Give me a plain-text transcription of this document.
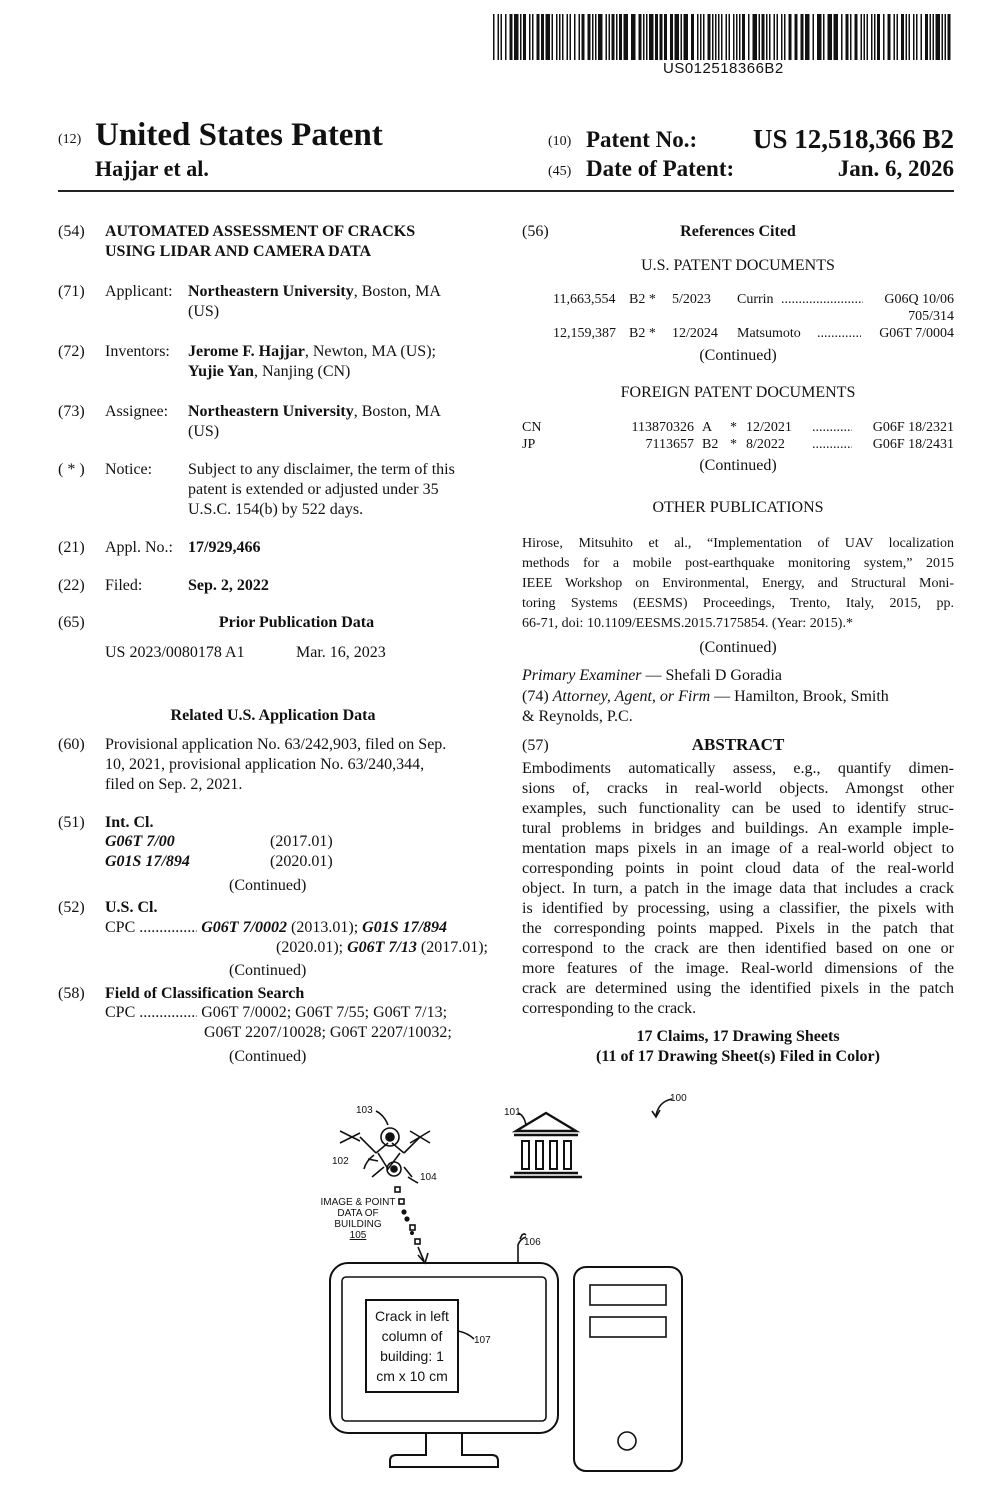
US012518366B2
(12) United States Patent
Hajjar et al.
(10) Patent No.: US 12,518,366 B2
(45) Date of Patent:	Jan. 6, 2026
(54) AUTOMATED ASSESSMENT OF CRACKS
USING LIDAR AND CAMERA DATA
(71) Applicant: Northeastern University, Boston, MA
(US)
(72) Inventors: Jerome F. Hajjar, Newton, MA (US);
Yujie Yan, Nanjing (CN)
(73) Assignee: Northeastern University, Boston, MA
(US)
( * ) Notice: Subject to any disclaimer, the term of this
patent is extended or adjusted under 35
U.S.C. 154(b) by 522 days.
(21) Appl. No.: 17/929,466
(22) Filed:	Sep. 2, 2022
(65)	Prior Publication Data
US 2023/0080178 A1	Mar. 16, 2023
Related U.S. Application Data
(60) Provisional application No. 63/242,903, filed on Sep.
10, 2021, provisional application No. 63/240,344,
filed on Sep. 2, 2021.
(51) Int. Cl.
G06T 7/00	(2017.01)
G01S 17/894	(2020.01)
(Continued)
(52) U.S. Cl.
CPC .....	G06T 7/0002 (2013.01); G01S 17/894
(2020.01); G06T 7/13 (2017.01);
(Continued)
(58) Field of Classification Search
CPC .....	G06T 7/0002; G06T 7/55; G06T 7/13;
G06T 2207/10028; G06T 2207/10032;
(Continued)
(56)	References Cited
U.S. PATENT DOCUMENTS
11,663,554 B2 * 5/2023 Currin .....	G06Q 10/06
705/314
12,159,387 B2 * 12/2024 Matsumoto .....	G06T 7/0004
(Continued)
FOREIGN PATENT DOCUMENTS
CN	113870326 A * 12/2021 .....	G06F 18/2321
JP	7113657 B2 * 8/2022 .....	G06F 18/2431
(Continued)
OTHER PUBLICATIONS
Hirose, Mitsuhito et al., “Implementation of UAV localization
methods for a mobile post-earthquake monitoring system,” 2015
IEEE Workshop on Environmental, Energy, and Structural Moni-
toring Systems (EESMS) Proceedings, Trento, Italy, 2015, pp.
66-71, doi: 10.1109/EESMS.2015.7175854. (Year: 2015).*
(Continued)
Primary Examiner — Shefali D Goradia
(74) Attorney, Agent, or Firm — Hamilton, Brook, Smith
& Reynolds, P.C.
(57)	ABSTRACT
Embodiments automatically assess, e.g., quantify dimen-
sions of, cracks in real-world objects. Amongst other
examples, such functionality can be used to identify struc-
tural problems in bridges and buildings. An example imple-
mentation maps pixels in an image of a real-world object to
corresponding points in point cloud data of the real-world
object. In turn, a patch in the image data that includes a crack
is identified by processing, using a classifier, the pixels with
the corresponding points mapped. Pixels in the patch that
correspond to the crack are then identified based on one or
more features of the image. Real-world dimensions of the
crack are determined using the identified pixels in the patch
corresponding to the crack.
17 Claims, 17 Drawing Sheets
(11 of 17 Drawing Sheet(s) Filed in Color)
100
101
103
102
104
106
107
IMAGE & POINT
DATA OF
BUILDING
105
Crack in left
column of
building: 1
cm x 10 cm
